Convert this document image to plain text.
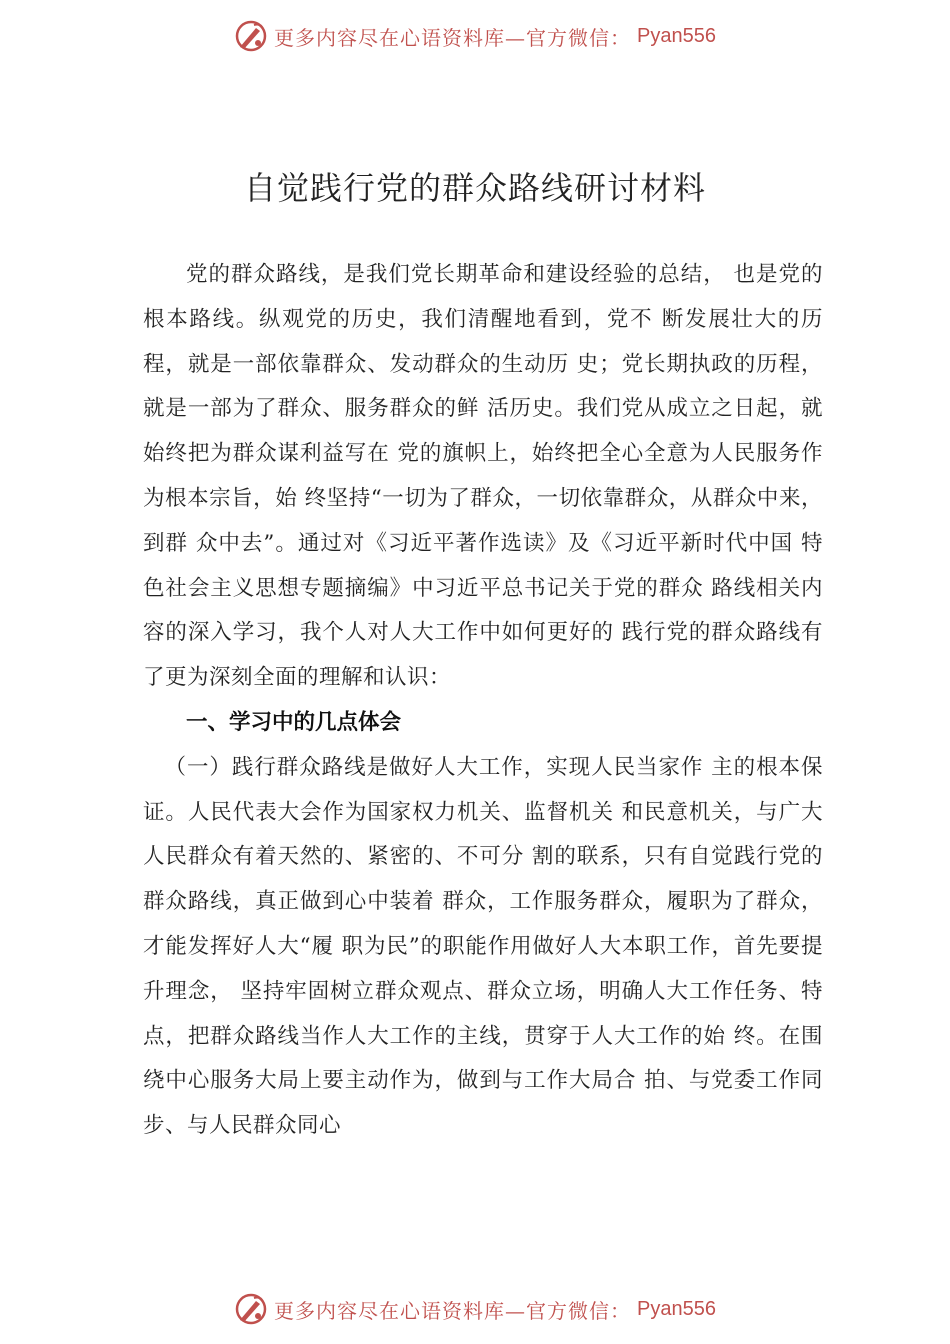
更多内容尽在心语资料库—官方微信： Pyan556
自觉践行党的群众路线研讨材料

党的群众路线，是我们党长期革命和建设经验的总结， 也是党的根本路线。纵观党的历史，我们清醒地看到，党不 断发展壮大的历程，就是一部依靠群众、发动群众的生动历 史；党长期执政的历程，就是一部为了群众、服务群众的鲜 活历史。我们党从成立之日起，就始终把为群众谋利益写在 党的旗帜上，始终把全心全意为人民服务作为根本宗旨，始 终坚持“一切为了群众，一切依靠群众，从群众中来，到群 众中去”。通过对《习近平著作选读》及《习近平新时代中国 特色社会主义思想专题摘编》中习近平总书记关于党的群众 路线相关内容的深入学习，我个人对人大工作中如何更好的 践行党的群众路线有了更为深刻全面的理解和认识：

一、学习中的几点体会

（一）践行群众路线是做好人大工作，实现人民当家作 主的根本保证。人民代表大会作为国家权力机关、监督机关 和民意机关，与广大人民群众有着天然的、紧密的、不可分 割的联系，只有自觉践行党的群众路线，真正做到心中装着 群众，工作服务群众，履职为了群众，才能发挥好人大“履 职为民”的职能作用做好人大本职工作，首先要提升理念， 坚持牢固树立群众观点、群众立场，明确人大工作任务、特 点，把群众路线当作人大工作的主线，贯穿于人大工作的始 终。在围绕中心服务大局上要主动作为，做到与工作大局合 拍、与党委工作同步、与人民群众同心

更多内容尽在心语资料库—官方微信： Pyan556
